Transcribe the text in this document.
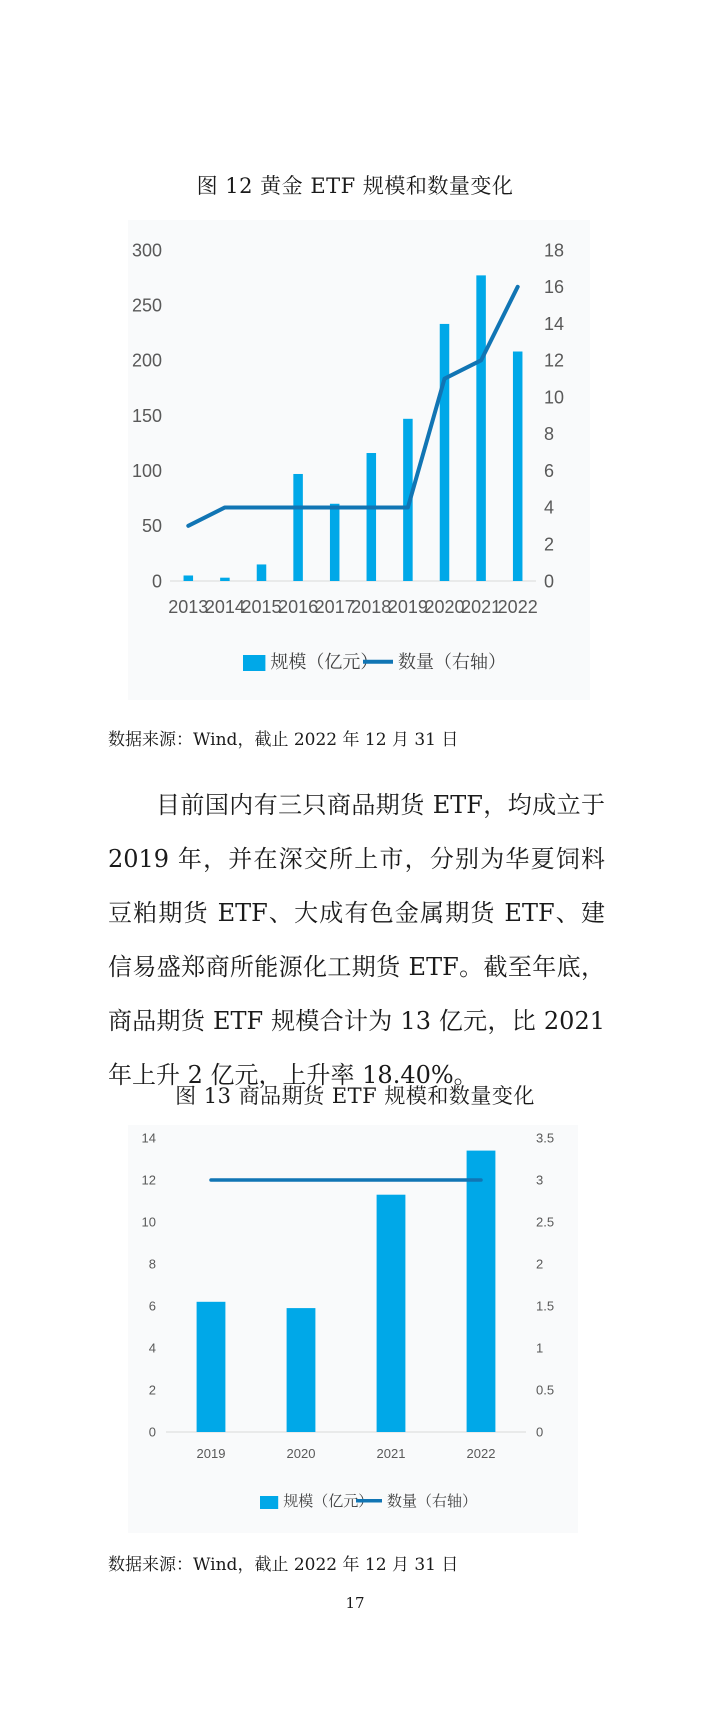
图 12 黄金 ETF 规模和数量变化
0
50
100
150
200
250
300
0
2
4
6
8
10
12
14
16
18
2013
2014
2015
2016
2017
2018
2019
2020
2021
2022
规模（亿元） 数量（右轴）
数据来源：Wind，截止 2022 年 12 月 31 日

目前国内有三只商品期货 ETF，均成立于 2019 年，并在深交所上市，分别为华夏饲料豆粕期货 ETF、大成有色金属期货 ETF、建信易盛郑商所能源化工期货 ETF。截至年底，商品期货 ETF 规模合计为 13 亿元，比 2021 年上升 2 亿元，上升率 18.40%。

图 13 商品期货 ETF 规模和数量变化
0
2
4
6
8
10
12
14
0
0.5
1
1.5
2
2.5
3
3.5
2019	2020	2021	2022
规模（亿元） 数量（右轴）
数据来源：Wind，截止 2022 年 12 月 31 日
17
